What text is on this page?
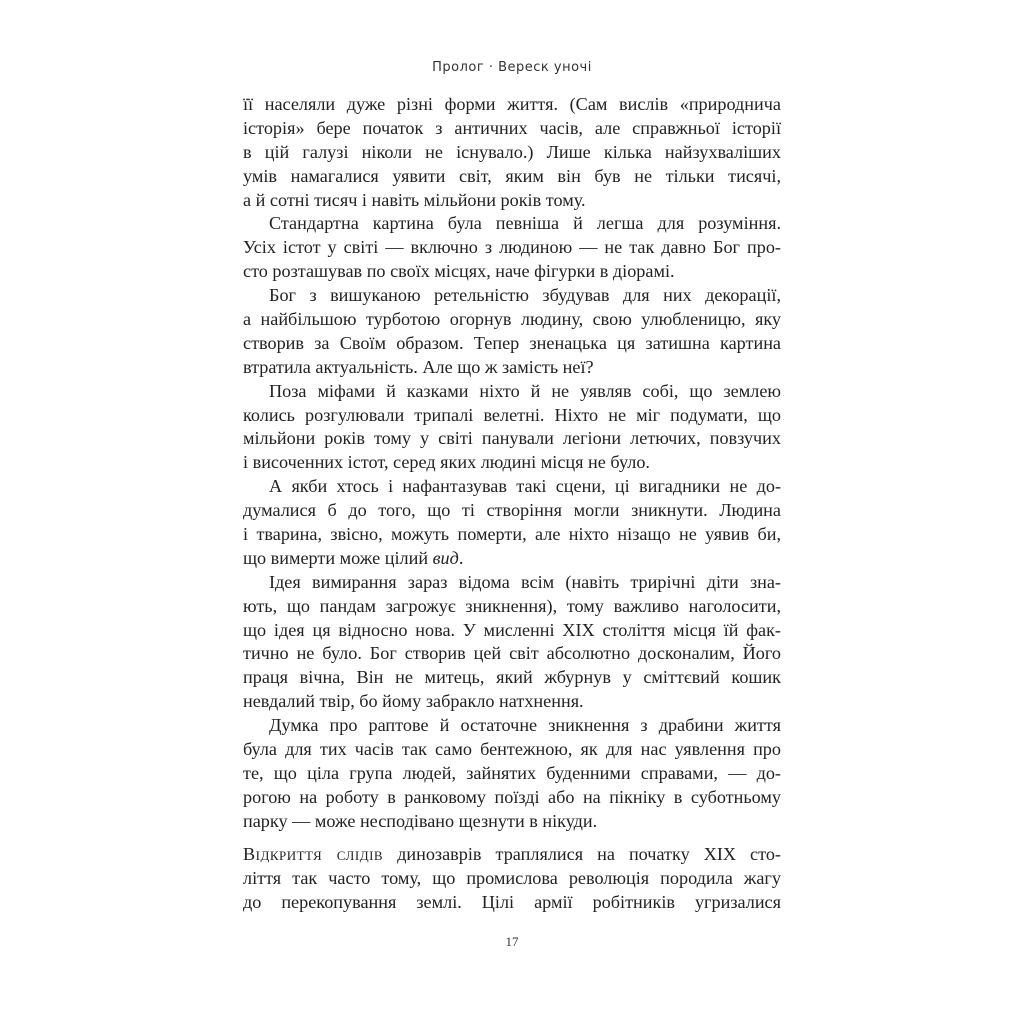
Пролог · Вереск уночі
її населяли дуже різні форми життя. (Сам вислів «природнича
історія» бере початок з античних часів, але справжньої історії
в цій галузі ніколи не існувало.) Лише кілька найзухваліших
умів намагалися уявити світ, яким він був не тільки тисячі,
а й сотні тисяч і навіть мільйони років тому.
Стандартна картина була певніша й легша для розуміння.
Усіх істот у світі — включно з людиною — не так давно Бог про-
сто розташував по своїх місцях, наче фігурки в діорамі.
Бог з вишуканою ретельністю збудував для них декорації,
а найбільшою турботою огорнув людину, свою улюбленицю, яку
створив за Своїм образом. Тепер зненацька ця затишна картина
втратила актуальність. Але що ж замість неї?
Поза міфами й казками ніхто й не уявляв собі, що землею
колись розгулювали трипалі велетні. Ніхто не міг подумати, що
мільйони років тому у світі панували легіони летючих, повзучих
і височенних істот, серед яких людині місця не було.
А якби хтось і нафантазував такі сцени, ці вигадники не до-
думалися б до того, що ті створіння могли зникнути. Людина
і тварина, звісно, можуть померти, але ніхто нізащо не уявив би,
що вимерти може цілий вид.
Ідея вимирання зараз відома всім (навіть трирічні діти зна-
ють, що пандам загрожує зникнення), тому важливо наголосити,
що ідея ця відносно нова. У мисленні XIX століття місця їй фак-
тично не було. Бог створив цей світ абсолютно досконалим, Його
праця вічна, Він не митець, який жбурнув у сміттєвий кошик
невдалий твір, бо йому забракло натхнення.
Думка про раптове й остаточне зникнення з драбини життя
була для тих часів так само бентежною, як для нас уявлення про
те, що ціла група людей, зайнятих буденними справами, — до-
рогою на роботу в ранковому поїзді або на пікніку в суботньому
парку — може несподівано щезнути в нікуди.
Відкриття слідів динозаврів траплялися на початку XIX сто-
ліття так часто тому, що промислова революція породила жагу
до перекопування землі. Цілі армії робітників угризалися
17
